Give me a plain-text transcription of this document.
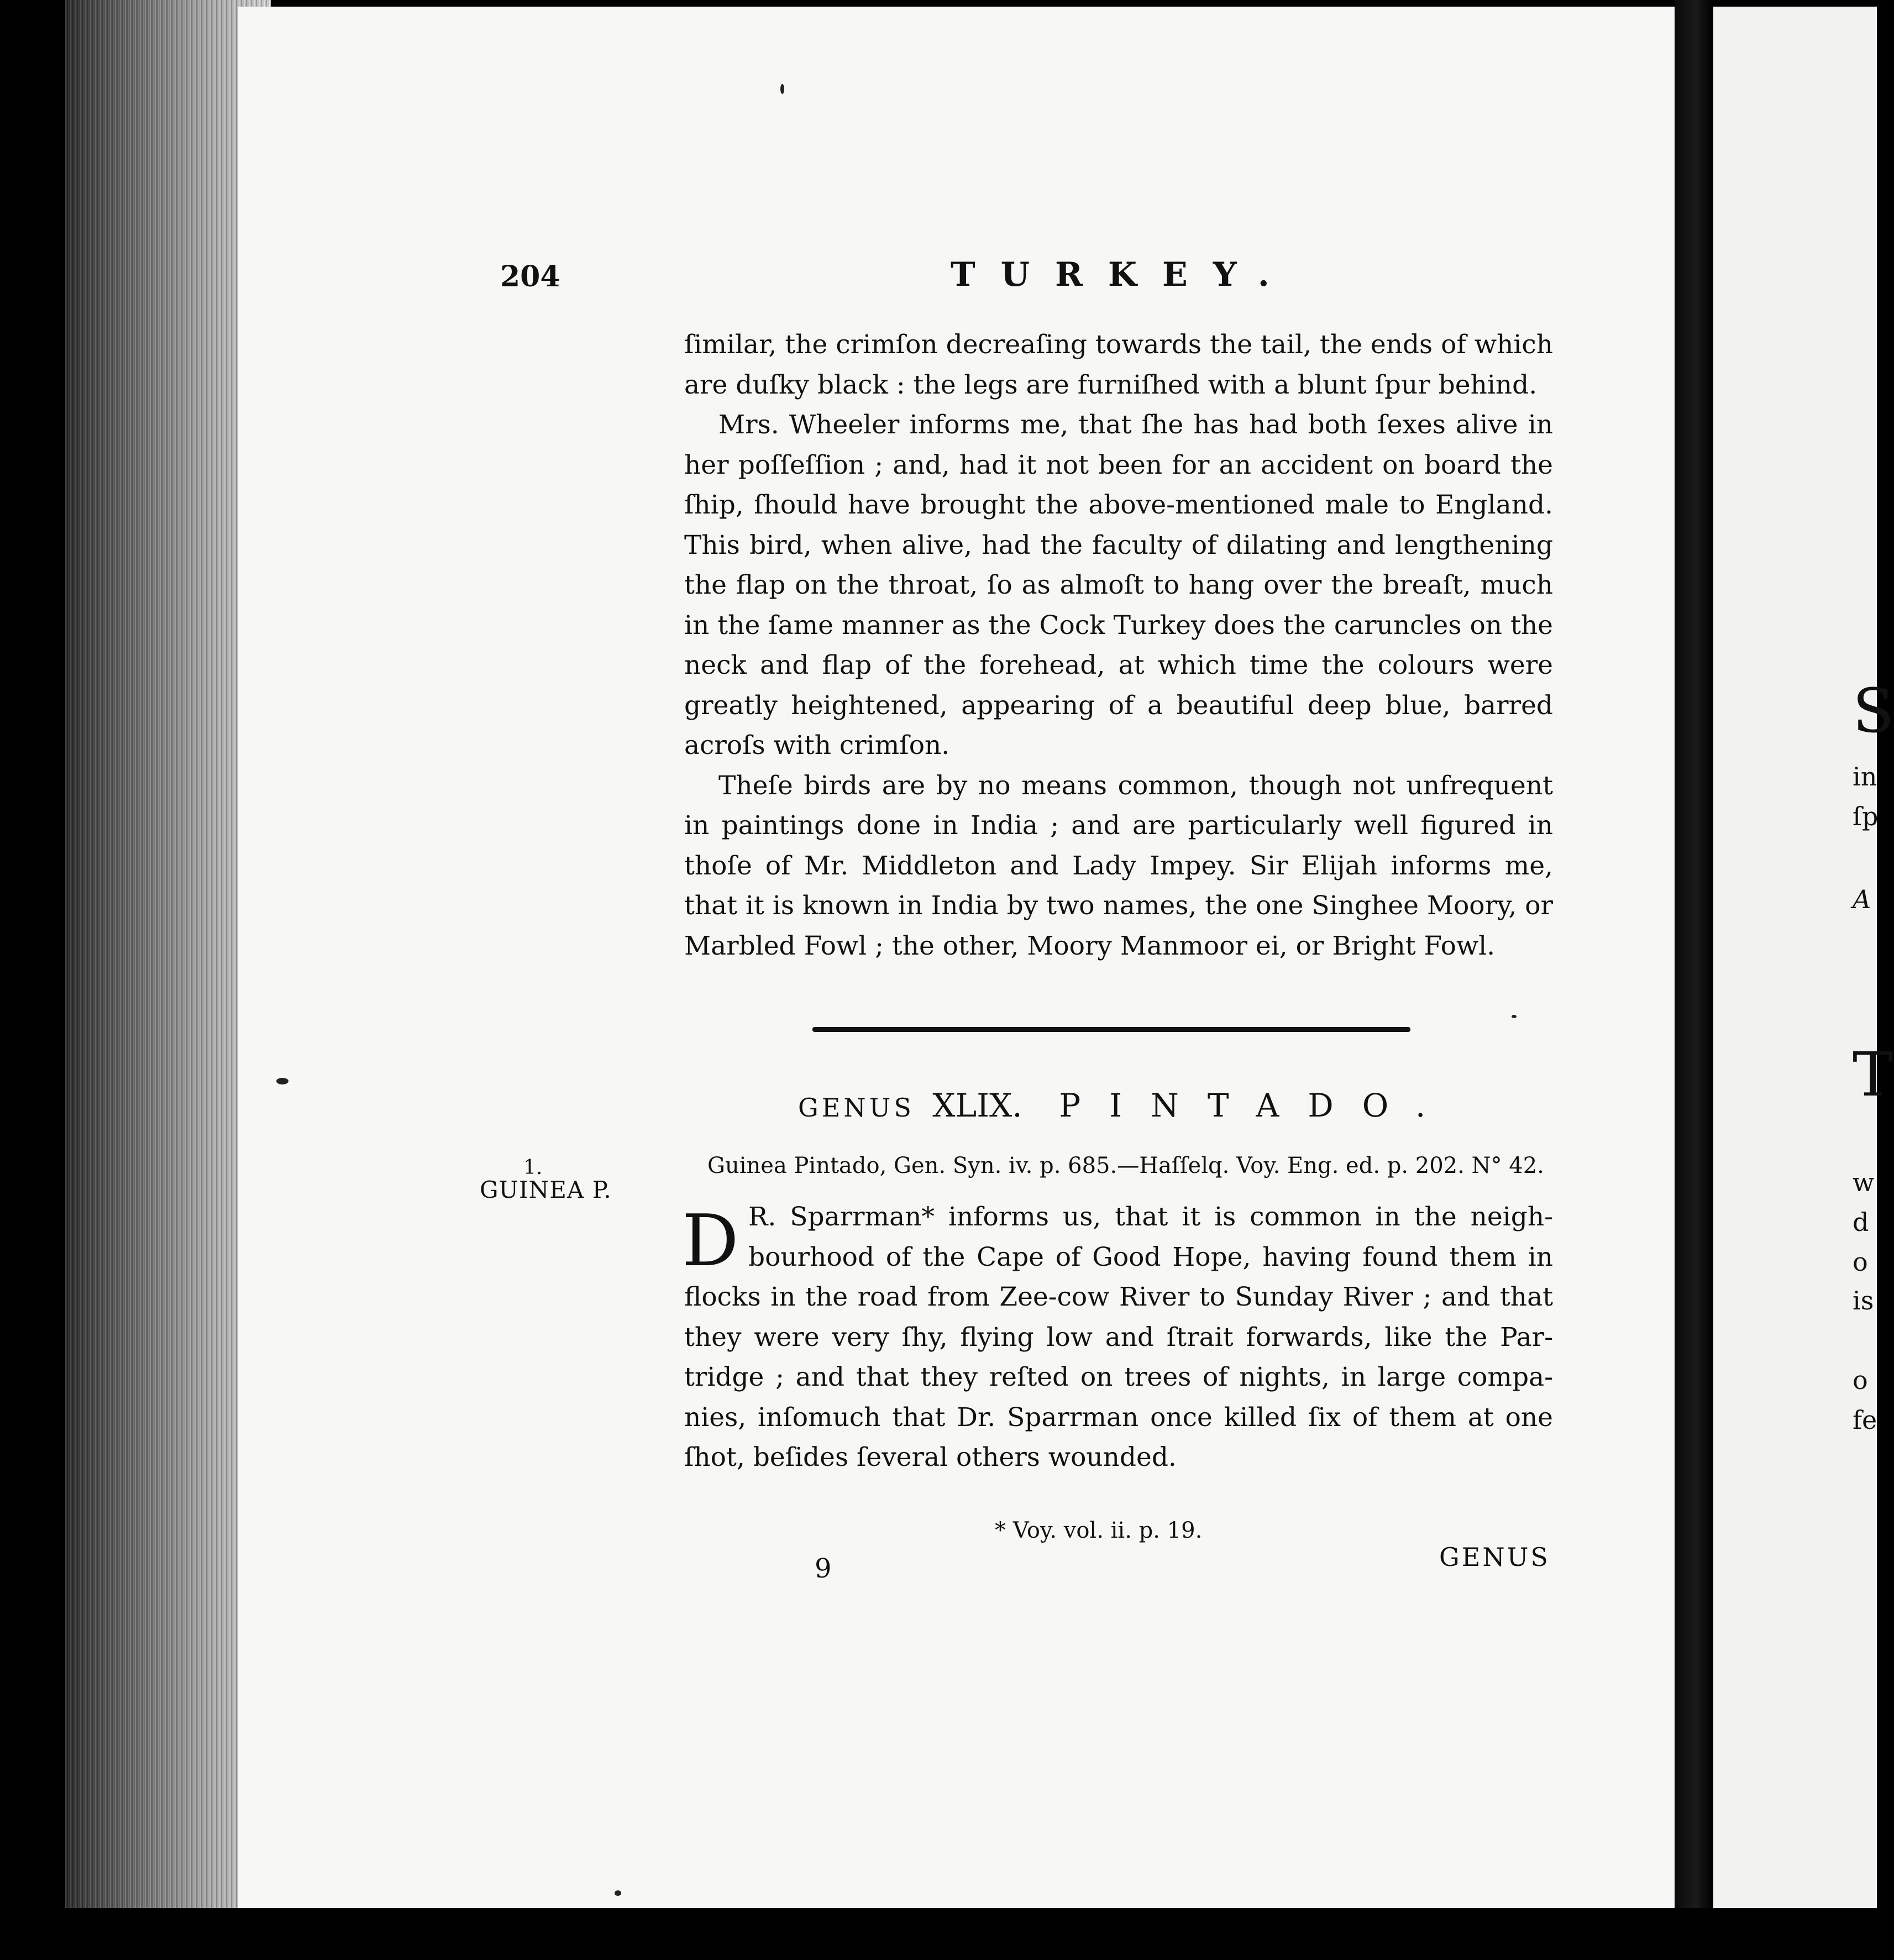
204	TURKEY.
ſimilar, the crimſon decreaſing towards the tail, the ends of which
are duſky black : the legs are furniſhed with a blunt ſpur behind.
Mrs. Wheeler informs me, that ſhe has had both ſexes alive in
her poſſeſſion ; and, had it not been for an accident on board the
ſhip, ſhould have brought the above-mentioned male to England.
This bird, when alive, had the faculty of dilating and lengthening
the flap on the throat, ſo as almoſt to hang over the breaſt, much
in the ſame manner as the Cock Turkey does the caruncles on the
neck and flap of the forehead, at which time the colours were
greatly heightened, appearing of a beautiful deep blue, barred
acroſs with crimſon.
Theſe birds are by no means common, though not unfrequent
in paintings done in India ; and are particularly well figured in
thoſe of Mr. Middleton and Lady Impey. Sir Elijah informs me,
that it is known in India by two names, the one Singhee Moory, or
Marbled Fowl ; the other, Moory Manmoor ei, or Bright Fowl.
GENUS XLIX. PINTADO.
1.
GUINEA P.
Guinea Pintado, Gen. Syn. iv. p. 685.—Haſſelq. Voy. Eng. ed. p. 202. N° 42.
D R. Sparrman* informs us, that it is common in the neigh-
bourhood of the Cape of Good Hope, having found them in
flocks in the road from Zee-cow River to Sunday River ; and that
they were very ſhy, flying low and ſtrait forwards, like the Par-
tridge ; and that they reſted on trees of nights, in large compa-
nies, inſomuch that Dr. Sparrman once killed ſix of them at one
ſhot, beſides ſeveral others wounded.
* Voy. vol. ii. p. 19.
9	GENUS
S
in
ſp
A
T
w
d
o
is
o
fe
